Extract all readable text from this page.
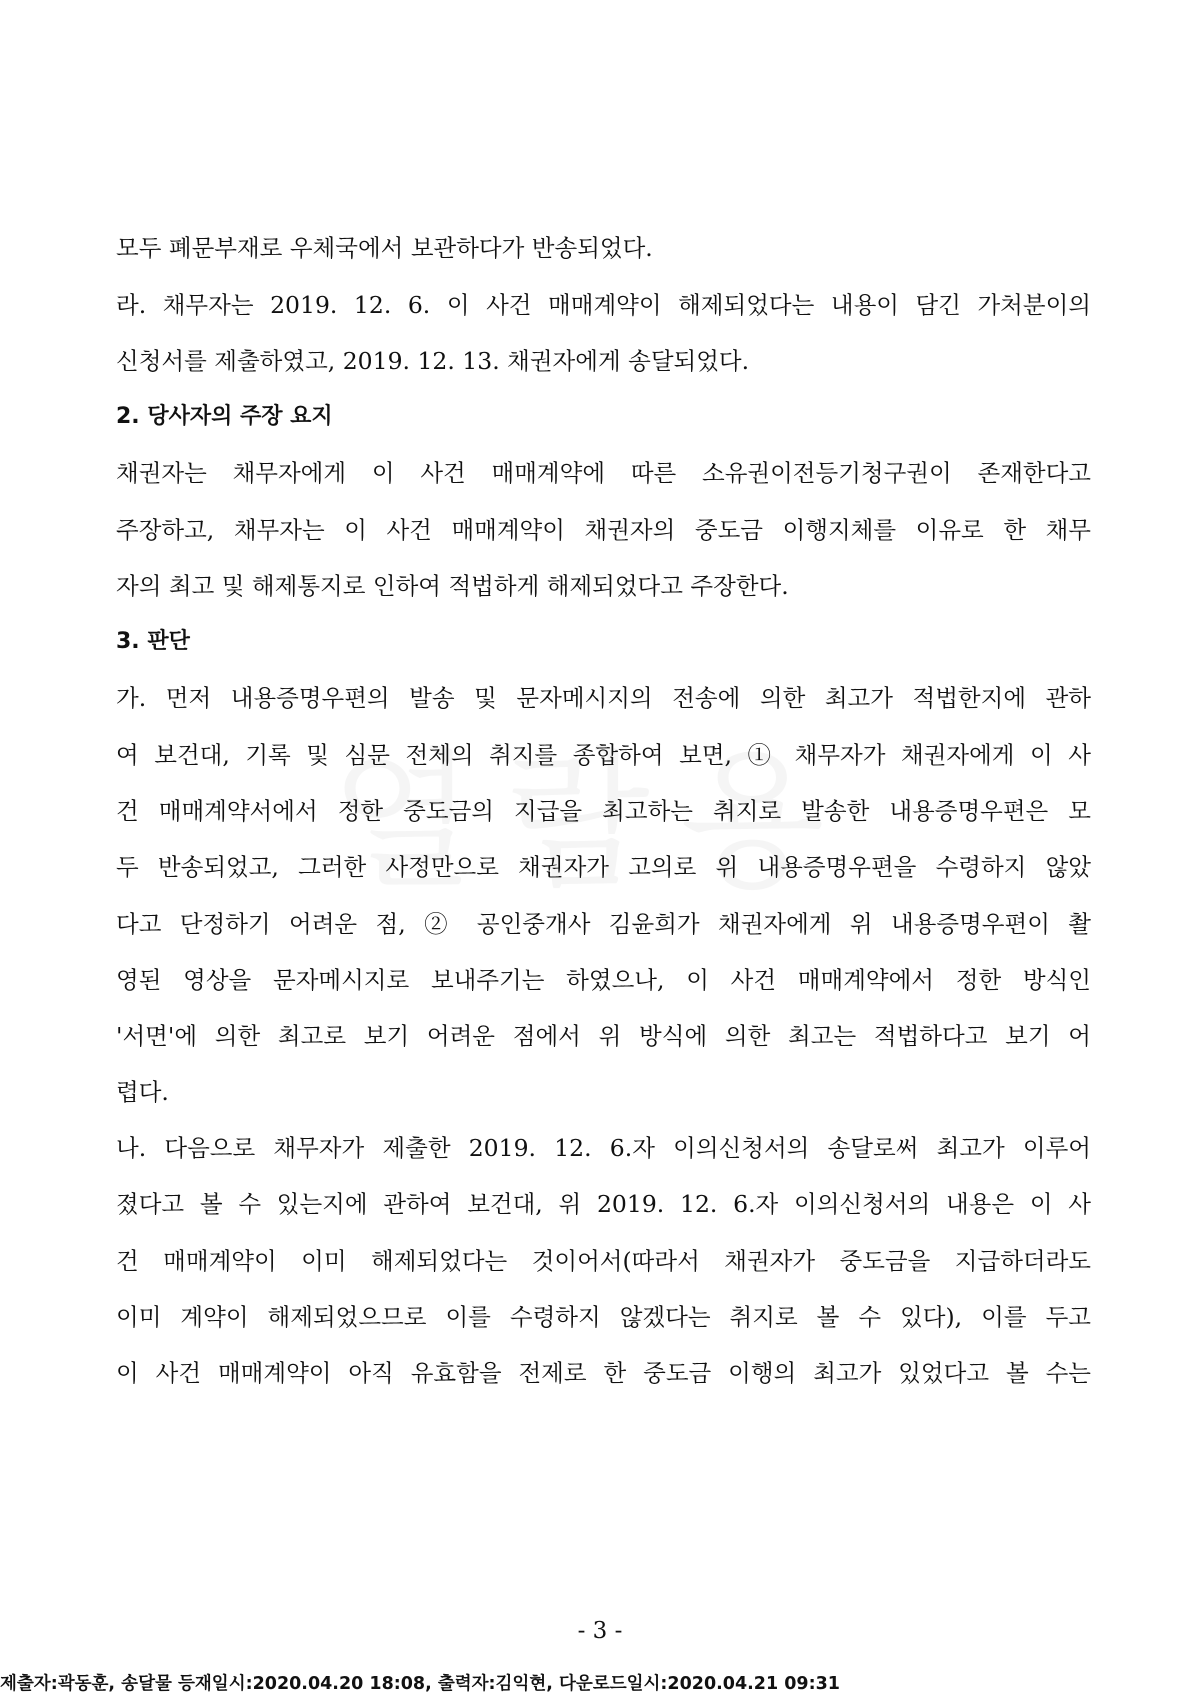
모두 폐문부재로 우체국에서 보관하다가 반송되었다.
라. 채무자는 2019. 12. 6. 이 사건 매매계약이 해제되었다는 내용이 담긴 가처분이의
신청서를 제출하였고, 2019. 12. 13. 채권자에게 송달되었다.
2. 당사자의 주장 요지
채권자는 채무자에게 이 사건 매매계약에 따른 소유권이전등기청구권이 존재한다고
주장하고, 채무자는 이 사건 매매계약이 채권자의 중도금 이행지체를 이유로 한 채무
자의 최고 및 해제통지로 인하여 적법하게 해제되었다고 주장한다.
3. 판단
가. 먼저 내용증명우편의 발송 및 문자메시지의 전송에 의한 최고가 적법한지에 관하
여 보건대, 기록 및 심문 전체의 취지를 종합하여 보면, ① 채무자가 채권자에게 이 사
건 매매계약서에서 정한 중도금의 지급을 최고하는 취지로 발송한 내용증명우편은 모
두 반송되었고, 그러한 사정만으로 채권자가 고의로 위 내용증명우편을 수령하지 않았
다고 단정하기 어려운 점, ② 공인중개사 김윤희가 채권자에게 위 내용증명우편이 촬
영된 영상을 문자메시지로 보내주기는 하였으나, 이 사건 매매계약에서 정한 방식인
'서면'에 의한 최고로 보기 어려운 점에서 위 방식에 의한 최고는 적법하다고 보기 어
렵다.
나. 다음으로 채무자가 제출한 2019. 12. 6.자 이의신청서의 송달로써 최고가 이루어
졌다고 볼 수 있는지에 관하여 보건대, 위 2019. 12. 6.자 이의신청서의 내용은 이 사
건 매매계약이 이미 해제되었다는 것이어서(따라서 채권자가 중도금을 지급하더라도
이미 계약이 해제되었으므로 이를 수령하지 않겠다는 취지로 볼 수 있다), 이를 두고
이 사건 매매계약이 아직 유효함을 전제로 한 중도금 이행의 최고가 있었다고 볼 수는
- 3 -
제출자:곽동훈, 송달물 등재일시:2020.04.20 18:08, 출력자:김익현, 다운로드일시:2020.04.21 09:31
